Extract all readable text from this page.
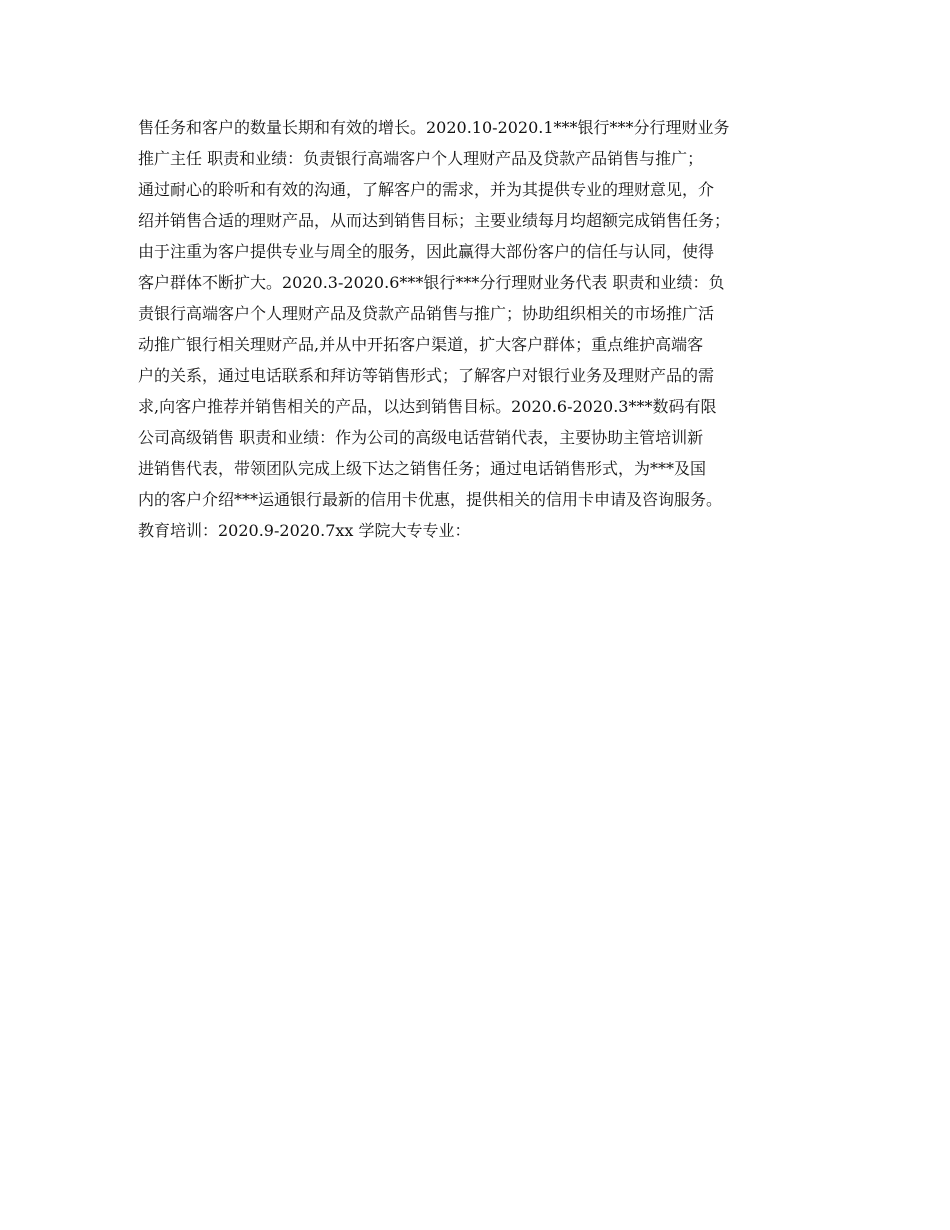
售任务和客户的数量长期和有效的增长。2020.10-2020.1***银行***分行理财业务
推广主任 职责和业绩：负责银行高端客户个人理财产品及贷款产品销售与推广；
通过耐心的聆听和有效的沟通，了解客户的需求，并为其提供专业的理财意见，介
绍并销售合适的理财产品，从而达到销售目标；主要业绩每月均超额完成销售任务；
由于注重为客户提供专业与周全的服务，因此赢得大部份客户的信任与认同，使得
客户群体不断扩大。2020.3-2020.6***银行***分行理财业务代表 职责和业绩：负
责银行高端客户个人理财产品及贷款产品销售与推广；协助组织相关的市场推广活
动推广银行相关理财产品,并从中开拓客户渠道，扩大客户群体；重点维护高端客
户的关系，通过电话联系和拜访等销售形式；了解客户对银行业务及理财产品的需
求,向客户推荐并销售相关的产品，以达到销售目标。2020.6-2020.3***数码有限
公司高级销售 职责和业绩：作为公司的高级电话营销代表，主要协助主管培训新
进销售代表，带领团队完成上级下达之销售任务；通过电话销售形式，为***及国
内的客户介绍***运通银行最新的信用卡优惠，提供相关的信用卡申请及咨询服务。
教育培训：2020.9-2020.7xx 学院大专专业：
